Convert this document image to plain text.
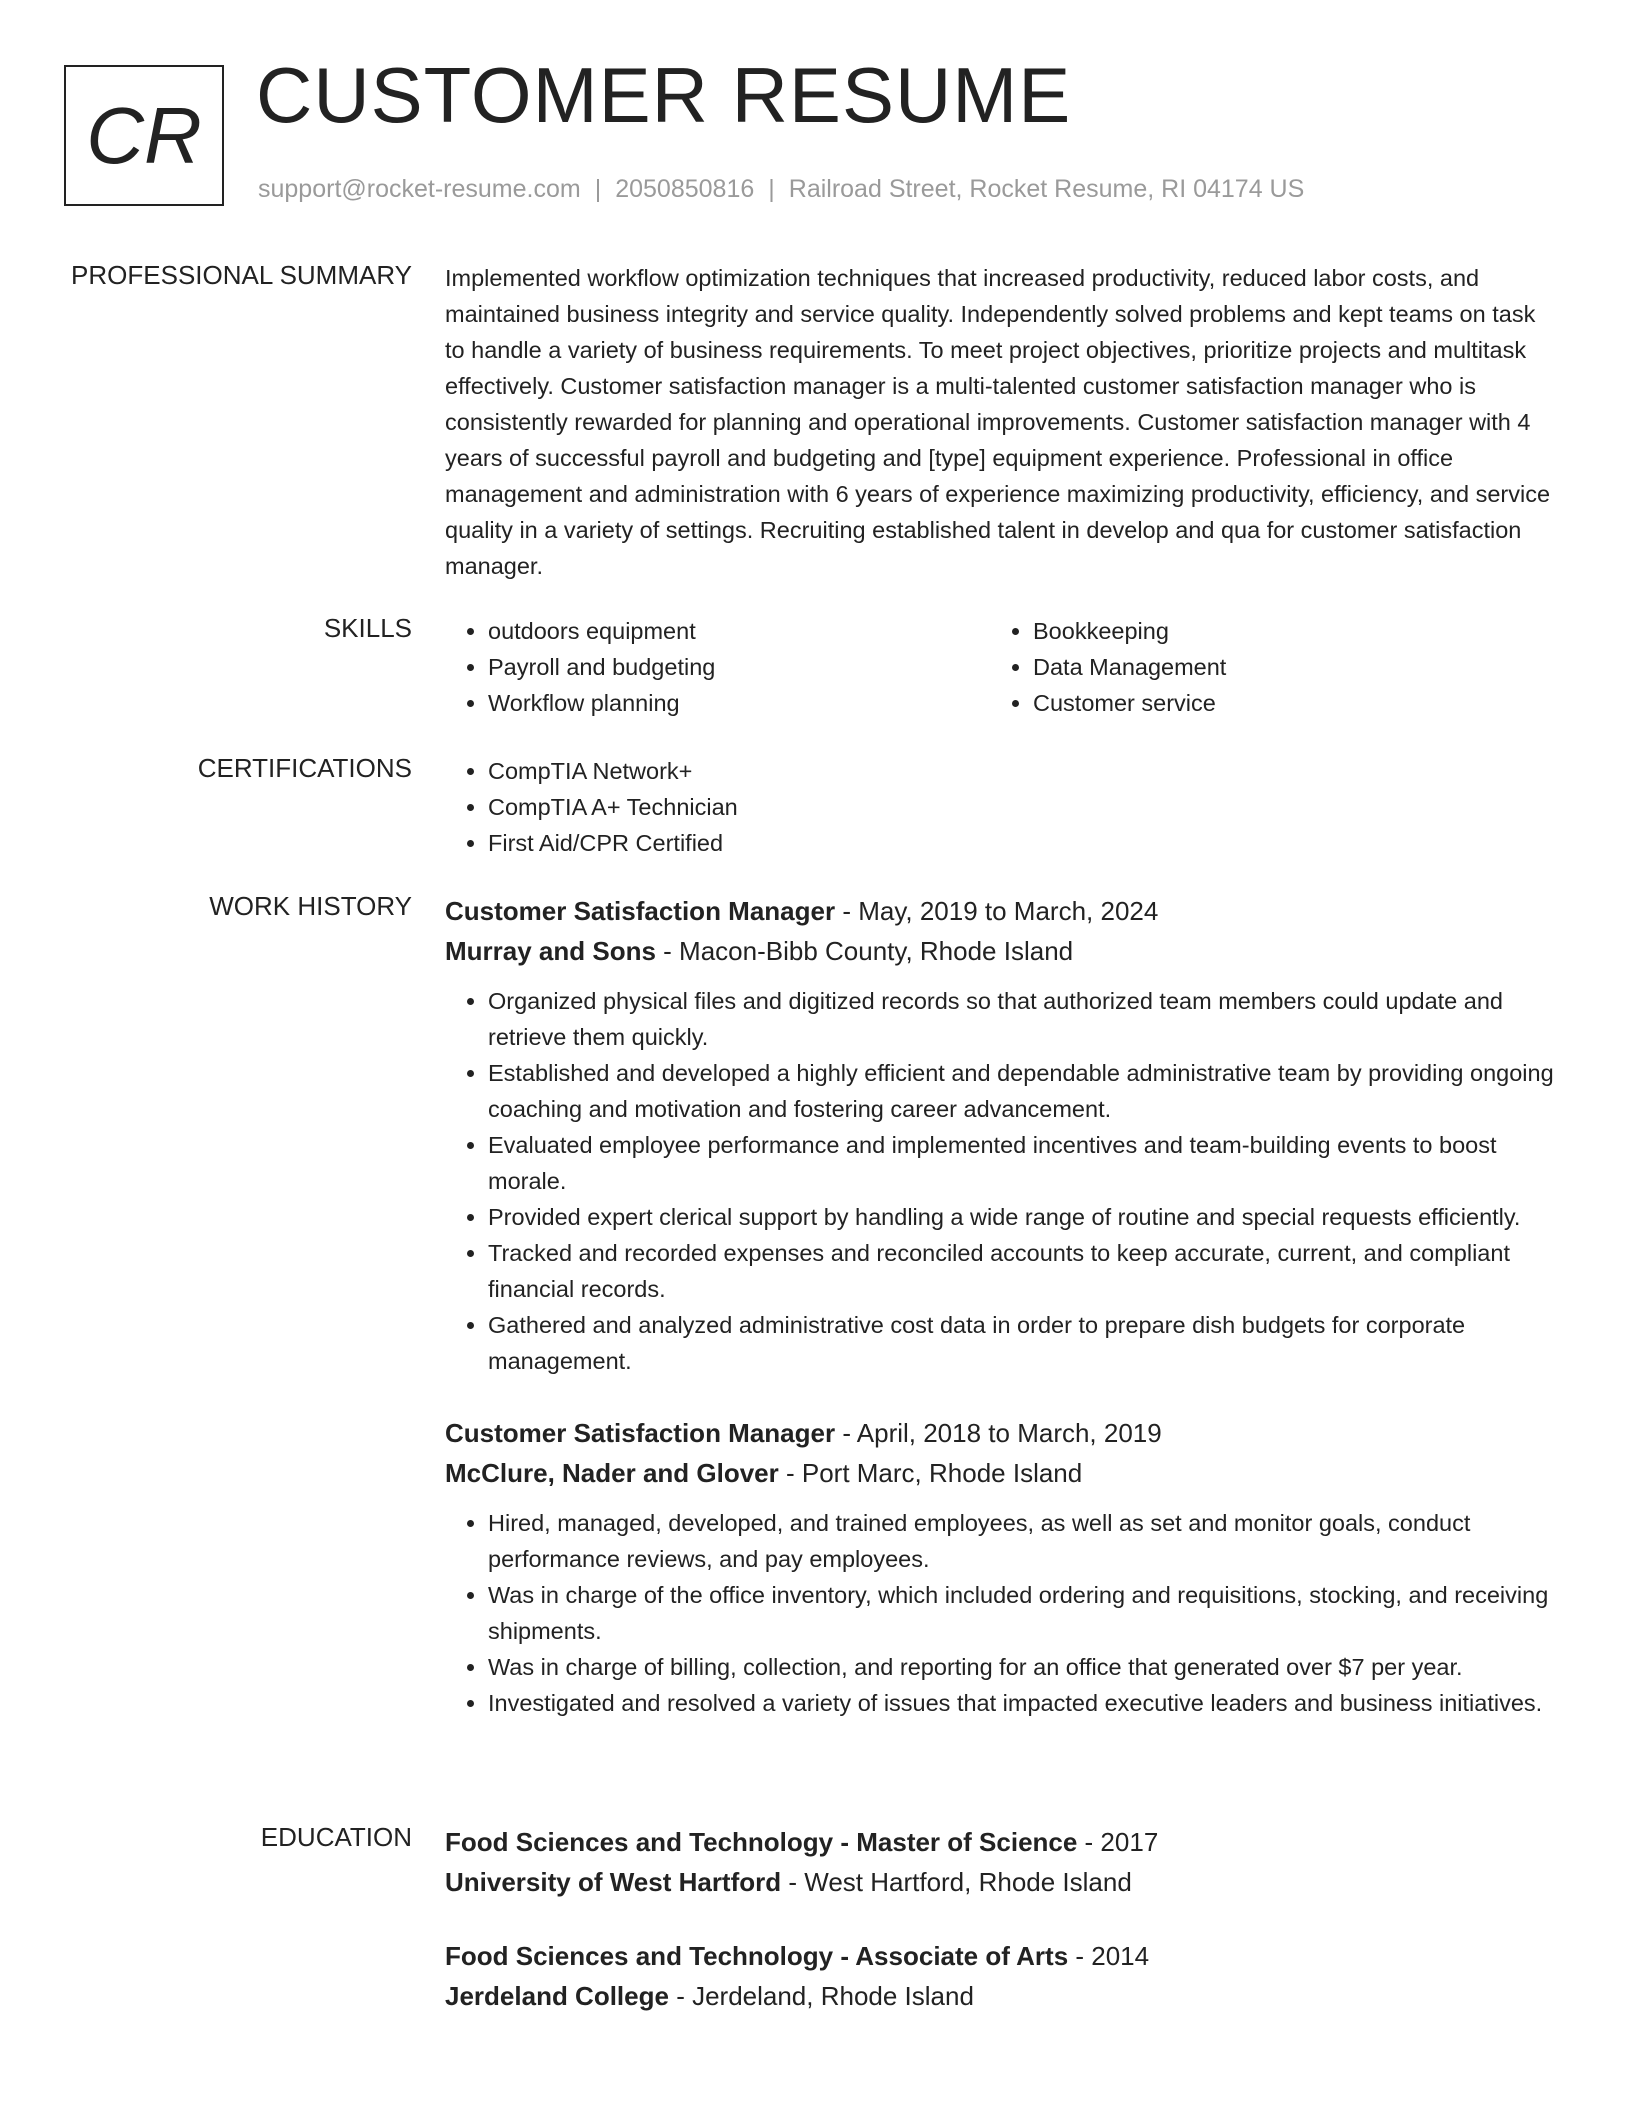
CR CUSTOMER RESUME
support@rocket-resume.com | 2050850816 | Railroad Street, Rocket Resume, RI 04174 US
PROFESSIONAL SUMMARY Implemented workflow optimization techniques that increased productivity, reduced labor costs, and maintained business integrity and service quality. Independently solved problems and kept teams on task to handle a variety of business requirements. To meet project objectives, prioritize projects and multitask effectively. Customer satisfaction manager is a multi-talented customer satisfaction manager who is consistently rewarded for planning and operational improvements. Customer satisfaction manager with 4 years of successful payroll and budgeting and [type] equipment experience. Professional in office management and administration with 6 years of experience maximizing productivity, efficiency, and service quality in a variety of settings. Recruiting established talent in develop and qua for customer satisfaction manager.
SKILLS	• outdoors equipment
• Payroll and budgeting
• Workflow planning
• Bookkeeping
• Data Management
• Customer service
CERTIFICATIONS	• CompTIA Network+
• CompTIA A+ Technician
• First Aid/CPR Certified
WORK HISTORY Customer Satisfaction Manager - May, 2019 to March, 2024
Murray and Sons - Macon-Bibb County, Rhode Island
• Organized physical files and digitized records so that authorized team members could update and retrieve them quickly.
• Established and developed a highly efficient and dependable administrative team by providing ongoing coaching and motivation and fostering career advancement.
• Evaluated employee performance and implemented incentives and team-building events to boost morale.
• Provided expert clerical support by handling a wide range of routine and special requests efficiently.
• Tracked and recorded expenses and reconciled accounts to keep accurate, current, and compliant financial records.
• Gathered and analyzed administrative cost data in order to prepare dish budgets for corporate management.
Customer Satisfaction Manager - April, 2018 to March, 2019
McClure, Nader and Glover - Port Marc, Rhode Island
• Hired, managed, developed, and trained employees, as well as set and monitor goals, conduct performance reviews, and pay employees.
• Was in charge of the office inventory, which included ordering and requisitions, stocking, and receiving shipments.
• Was in charge of billing, collection, and reporting for an office that generated over $7 per year.
• Investigated and resolved a variety of issues that impacted executive leaders and business initiatives.
EDUCATION Food Sciences and Technology - Master of Science - 2017
University of West Hartford - West Hartford, Rhode Island
Food Sciences and Technology - Associate of Arts - 2014
Jerdeland College - Jerdeland, Rhode Island
